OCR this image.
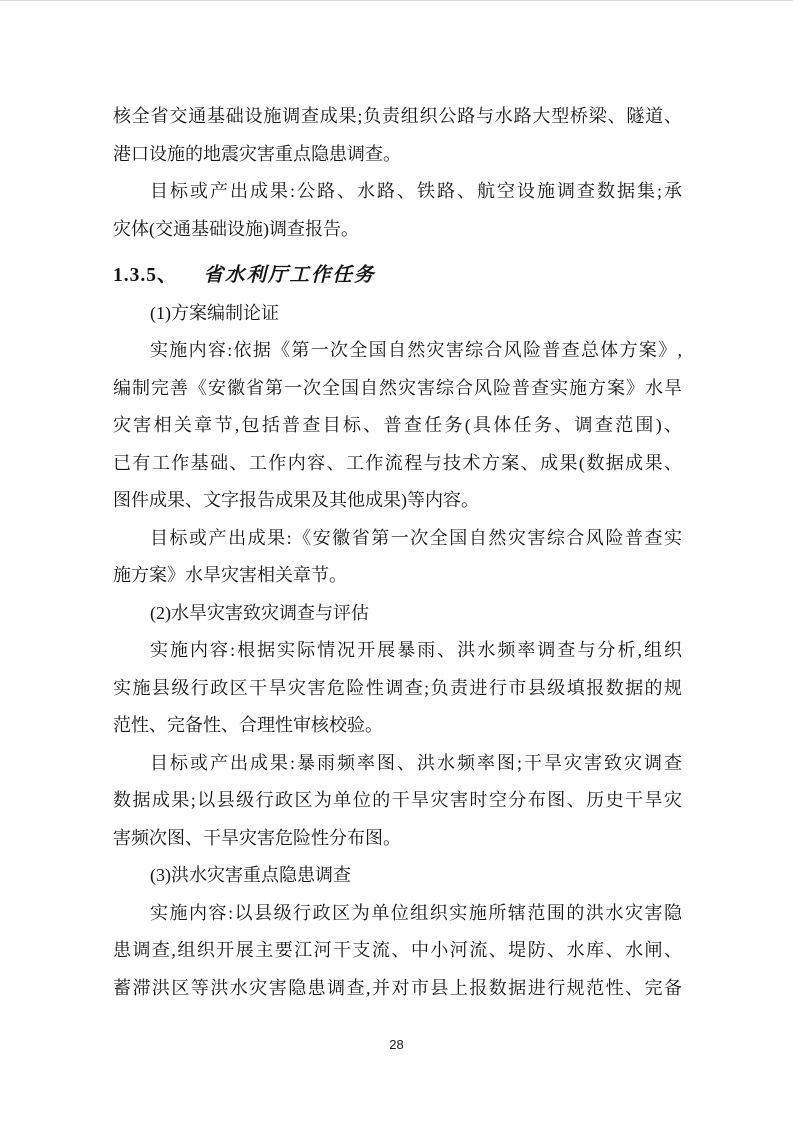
核全省交通基础设施调查成果;负责组织公路与水路大型桥梁、隧道、
港口设施的地震灾害重点隐患调查。
目标或产出成果:公路、水路、铁路、航空设施调查数据集;承
灾体(交通基础设施)调查报告。
1.3.5、 省水利厅工作任务
(1)方案编制论证
实施内容:依据《第一次全国自然灾害综合风险普查总体方案》,
编制完善《安徽省第一次全国自然灾害综合风险普查实施方案》水旱
灾害相关章节,包括普查目标、普查任务(具体任务、调查范围)、
已有工作基础、工作内容、工作流程与技术方案、成果(数据成果、
图件成果、文字报告成果及其他成果)等内容。
目标或产出成果:《安徽省第一次全国自然灾害综合风险普查实
施方案》水旱灾害相关章节。
(2)水旱灾害致灾调查与评估
实施内容:根据实际情况开展暴雨、洪水频率调查与分析,组织
实施县级行政区干旱灾害危险性调查;负责进行市县级填报数据的规
范性、完备性、合理性审核校验。
目标或产出成果:暴雨频率图、洪水频率图;干旱灾害致灾调查
数据成果;以县级行政区为单位的干旱灾害时空分布图、历史干旱灾
害频次图、干旱灾害危险性分布图。
(3)洪水灾害重点隐患调查
实施内容:以县级行政区为单位组织实施所辖范围的洪水灾害隐
患调查,组织开展主要江河干支流、中小河流、堤防、水库、水闸、
蓄滞洪区等洪水灾害隐患调查,并对市县上报数据进行规范性、完备
28
